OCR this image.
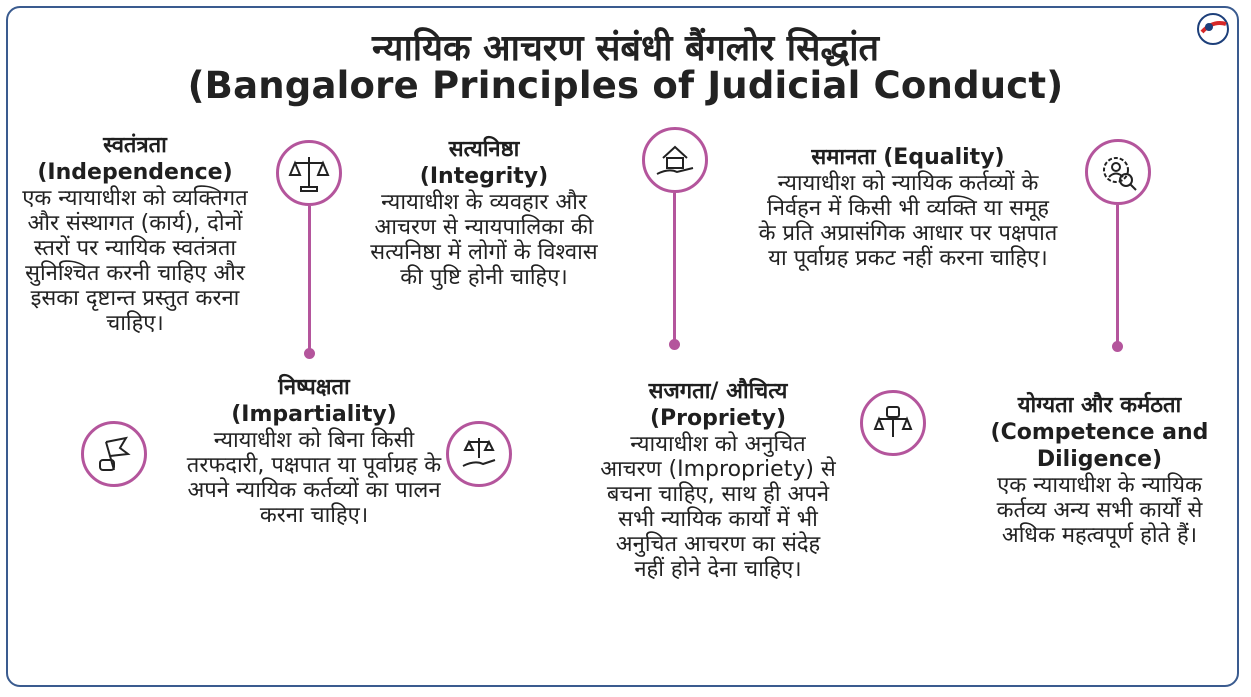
न्यायिक आचरण संबंधी बैंगलोर सिद्धांत
(Bangalore Principles of Judicial Conduct)
स्वतंत्रता
(Independence)
एक न्यायाधीश को व्यक्तिगत और संस्थागत (कार्य), दोनों स्तरों पर न्यायिक स्वतंत्रता सुनिश्चित करनी चाहिए और इसका दृष्टान्त प्रस्तुत करना चाहिए।
निष्पक्षता
(Impartiality)
न्यायाधीश को बिना किसी तरफदारी, पक्षपात या पूर्वाग्रह के अपने न्यायिक कर्तव्यों का पालन करना चाहिए।
सत्यनिष्ठा
(Integrity)
न्यायाधीश के व्यवहार और आचरण से न्यायपालिका की सत्यनिष्ठा में लोगों के विश्वास की पुष्टि होनी चाहिए।
सजगता/ औचित्य
(Propriety)
न्यायाधीश को अनुचित आचरण (Impropriety) से बचना चाहिए, साथ ही अपने सभी न्यायिक कार्यों में भी अनुचित आचरण का संदेह नहीं होने देना चाहिए।
समानता (Equality)
न्यायाधीश को न्यायिक कर्तव्यों के निर्वहन में किसी भी व्यक्ति या समूह के प्रति अप्रासंगिक आधार पर पक्षपात या पूर्वाग्रह प्रकट नहीं करना चाहिए।
योग्यता और कर्मठता
(Competence and Diligence)
एक न्यायाधीश के न्यायिक कर्तव्य अन्य सभी कार्यों से अधिक महत्वपूर्ण होते हैं।
